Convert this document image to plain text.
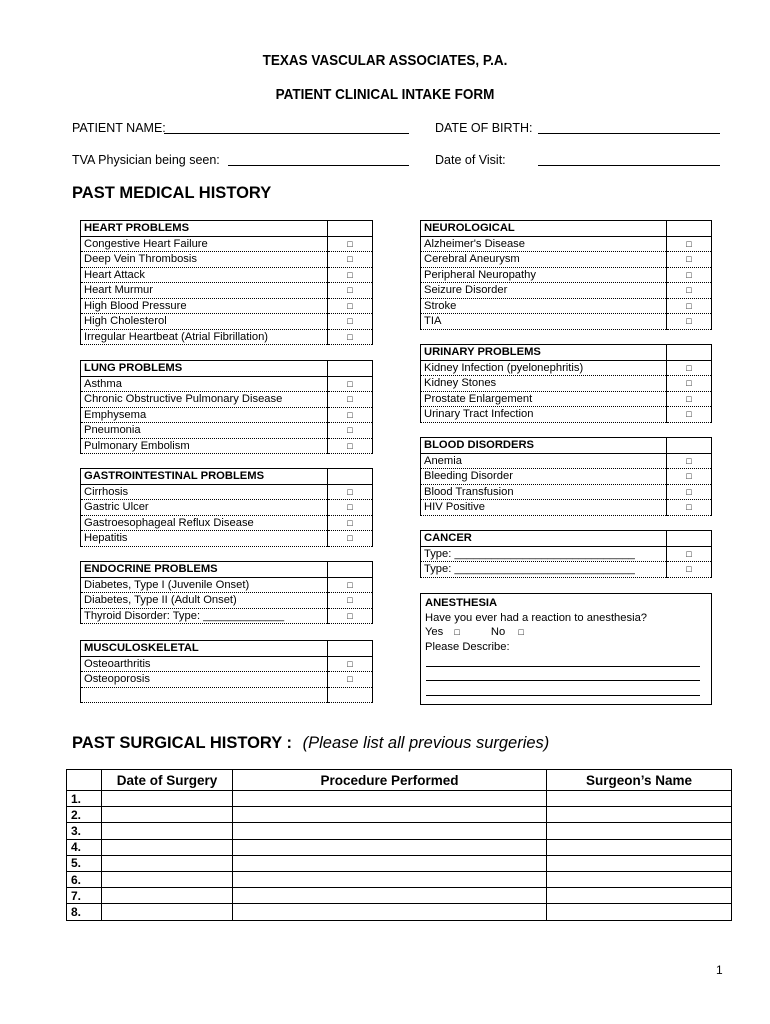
TEXAS VASCULAR ASSOCIATES, P.A.
PATIENT CLINICAL INTAKE FORM
PATIENT NAME:	DATE OF BIRTH:
TVA Physician being seen:	Date of Visit:
PAST MEDICAL HISTORY
HEART PROBLEMS	
Congestive Heart Failure	□
Deep Vein Thrombosis	□
Heart Attack	□
Heart Murmur	□
High Blood Pressure	□
High Cholesterol	□
Irregular Heartbeat (Atrial Fibrillation)	□
LUNG PROBLEMS	
Asthma	□
Chronic Obstructive Pulmonary Disease	□
Emphysema	□
Pneumonia	□
Pulmonary Embolism	□
GASTROINTESTINAL PROBLEMS	
Cirrhosis	□
Gastric Ulcer	□
Gastroesophageal Reflux Disease	□
Hepatitis	□
ENDOCRINE PROBLEMS	
Diabetes, Type I (Juvenile Onset)	□
Diabetes, Type II (Adult Onset)	□
Thyroid Disorder: Type: _____________	□
MUSCULOSKELETAL	
Osteoarthritis	□
Osteoporosis	□

NEUROLOGICAL	
Alzheimer's Disease	□
Cerebral Aneurysm	□
Peripheral Neuropathy	□
Seizure Disorder	□
Stroke	□
TIA	□
URINARY PROBLEMS	
Kidney Infection (pyelonephritis)	□
Kidney Stones	□
Prostate Enlargement	□
Urinary Tract Infection	□
BLOOD DISORDERS	
Anemia	□
Bleeding Disorder	□
Blood Transfusion	□
HIV Positive	□
CANCER	
Type: _____________________________	□
Type: _____________________________	□
ANESTHESIA
Have you ever had a reaction to anesthesia?
Yes □	No □
Please Describe:
PAST SURGICAL HISTORY : (Please list all previous surgeries)
	Date of Surgery	Procedure Performed	Surgeon’s Name
1.			
2.			
3.			
4.			
5.			
6.			
7.			
8.			
1
